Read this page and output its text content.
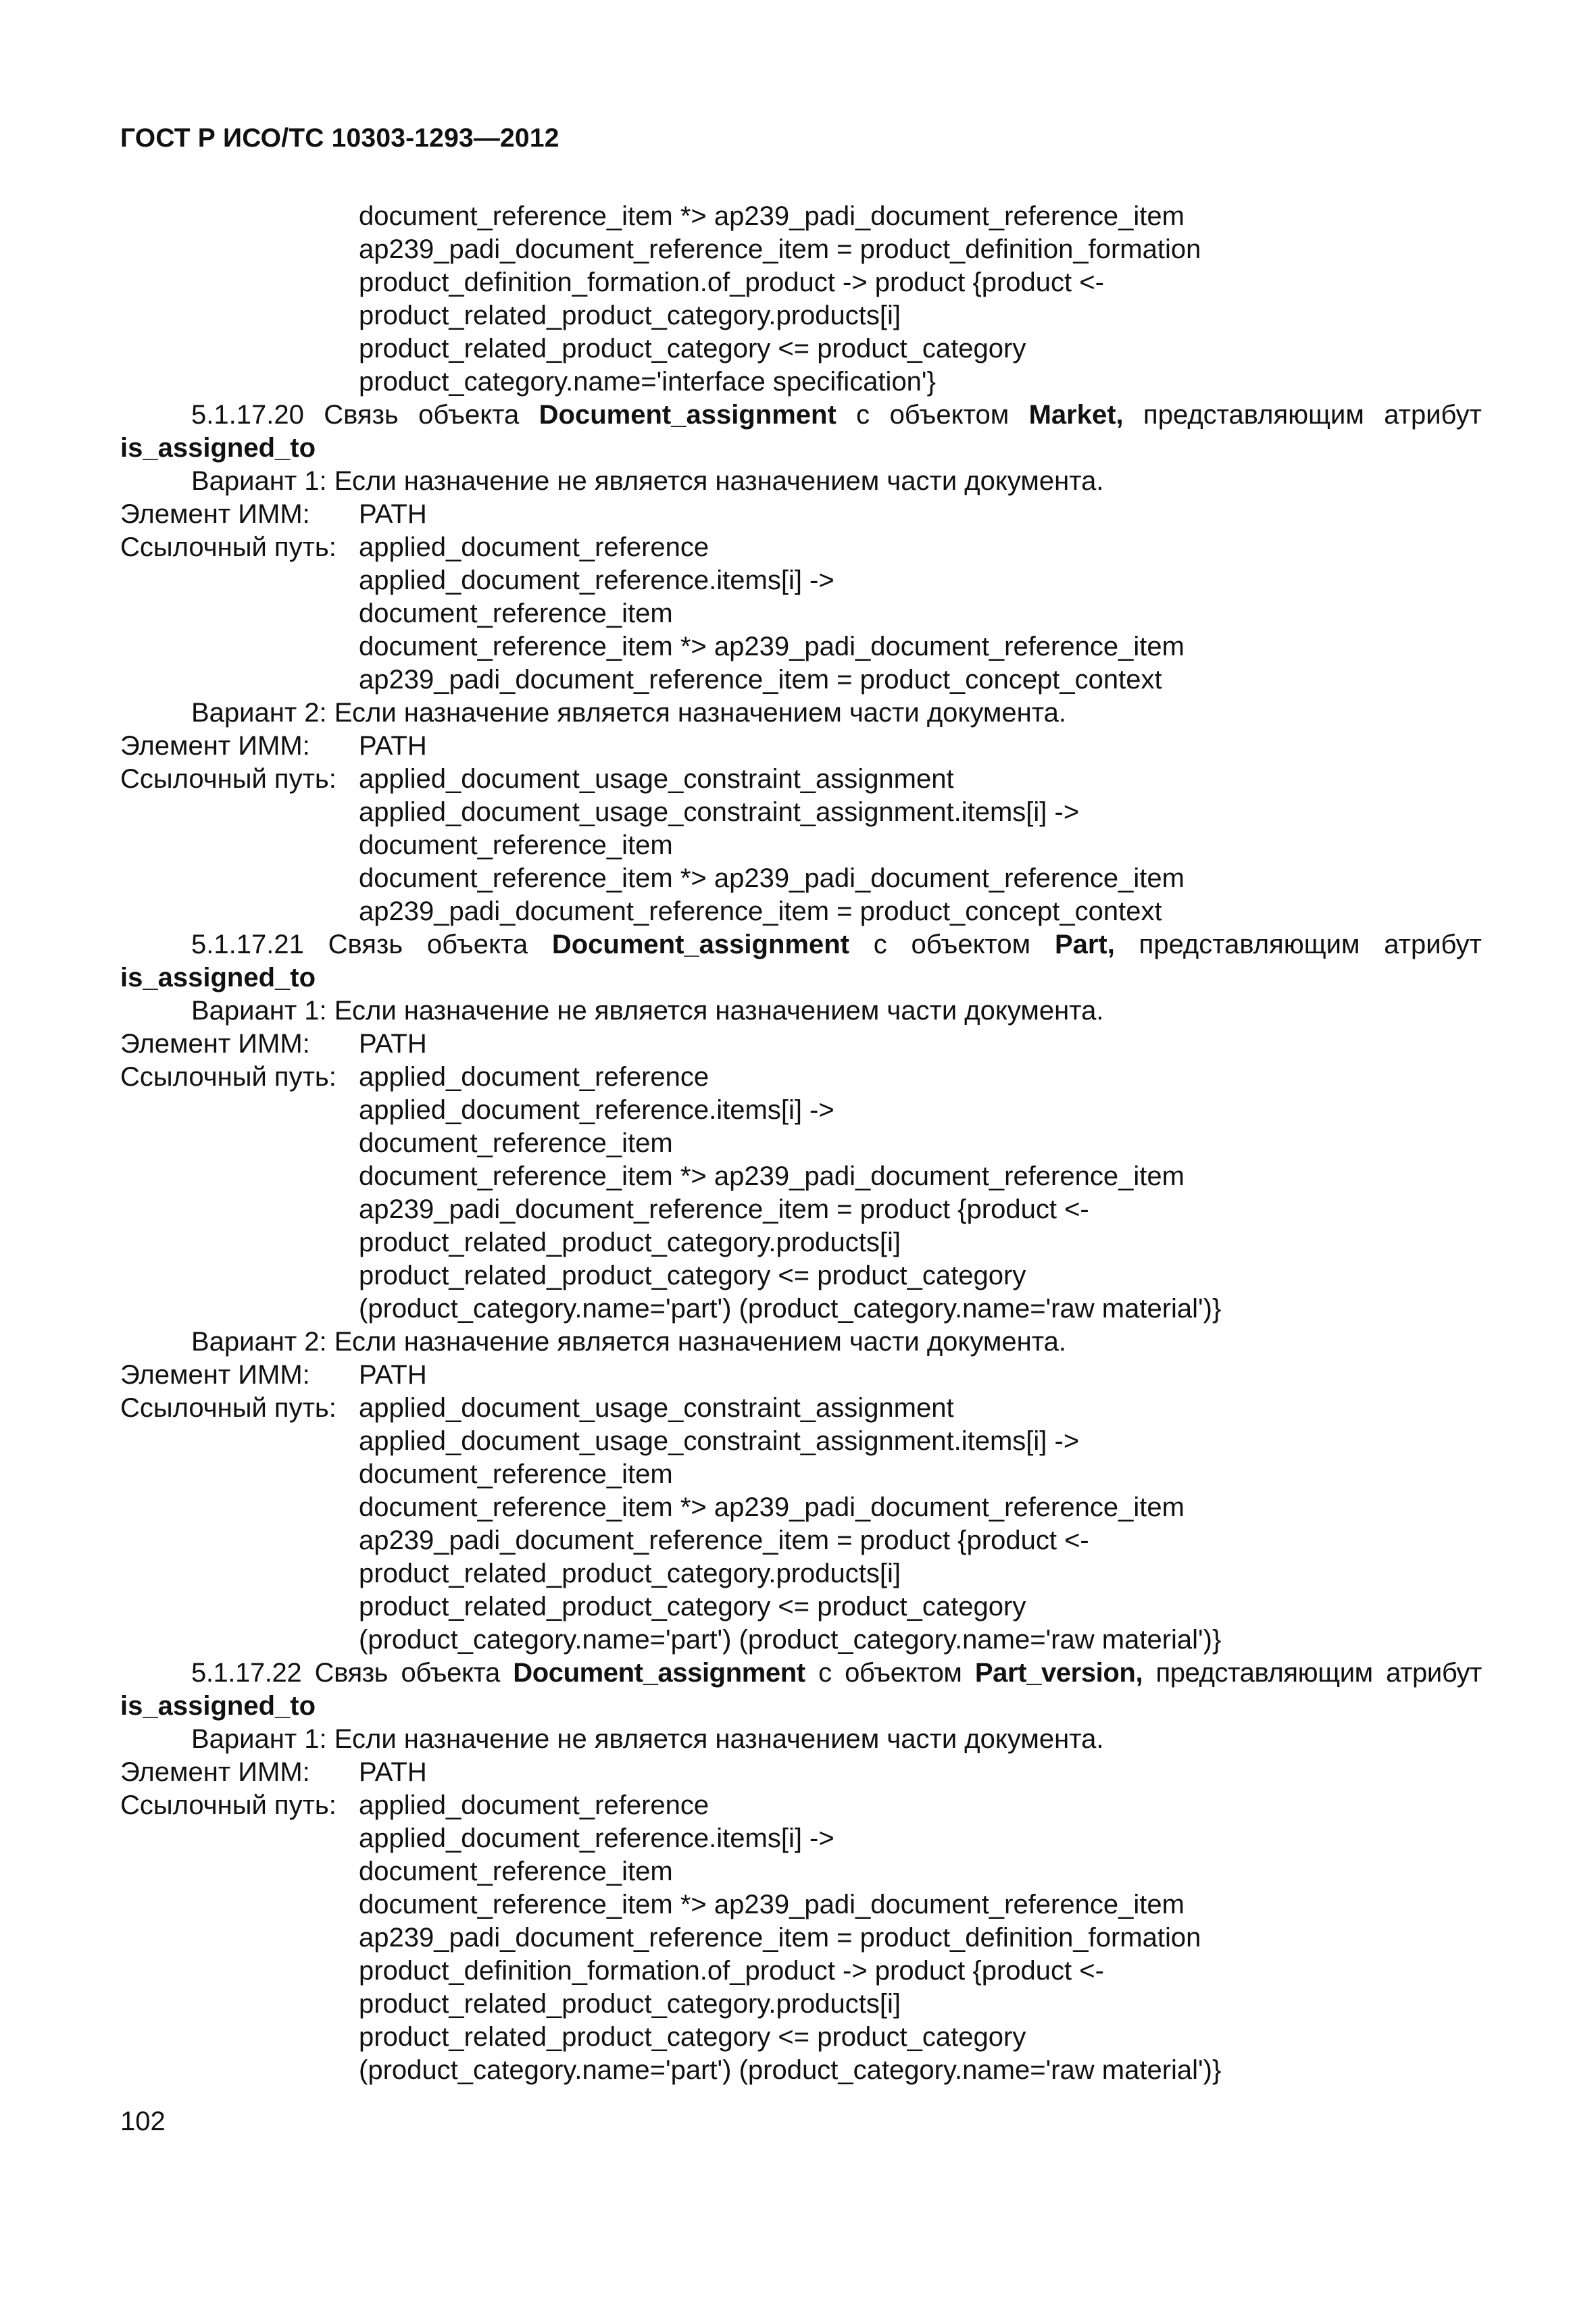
ГОСТ Р ИСО/ТС 10303-1293—2012
document_reference_item *> ap239_padi_document_reference_item
ap239_padi_document_reference_item = product_definition_formation
product_definition_formation.of_product -> product {product <-
product_related_product_category.products[i]
product_related_product_category <= product_category
product_category.name='interface specification'}
5.1.17.20 Связь объекта Document_assignment с объектом Market, представляющим атрибут
is_assigned_to
Вариант 1: Если назначение не является назначением части документа.
Элемент ИММ: PATH
Ссылочный путь: applied_document_reference
applied_document_reference.items[i] ->
document_reference_item
document_reference_item *> ap239_padi_document_reference_item
ap239_padi_document_reference_item = product_concept_context
Вариант 2: Если назначение является назначением части документа.
Элемент ИММ: PATH
Ссылочный путь: applied_document_usage_constraint_assignment
applied_document_usage_constraint_assignment.items[i] ->
document_reference_item
document_reference_item *> ap239_padi_document_reference_item
ap239_padi_document_reference_item = product_concept_context
5.1.17.21 Связь объекта Document_assignment с объектом Part, представляющим атрибут
is_assigned_to
Вариант 1: Если назначение не является назначением части документа.
Элемент ИММ: PATH
Ссылочный путь: applied_document_reference
applied_document_reference.items[i] ->
document_reference_item
document_reference_item *> ap239_padi_document_reference_item
ap239_padi_document_reference_item = product {product <-
product_related_product_category.products[i]
product_related_product_category <= product_category
(product_category.name='part') (product_category.name='raw material')}
Вариант 2: Если назначение является назначением части документа.
Элемент ИММ: PATH
Ссылочный путь: applied_document_usage_constraint_assignment
applied_document_usage_constraint_assignment.items[i] ->
document_reference_item
document_reference_item *> ap239_padi_document_reference_item
ap239_padi_document_reference_item = product {product <-
product_related_product_category.products[i]
product_related_product_category <= product_category
(product_category.name='part') (product_category.name='raw material')}
5.1.17.22 Связь объекта Document_assignment с объектом Part_version, представляющим атрибут
is_assigned_to
Вариант 1: Если назначение не является назначением части документа.
Элемент ИММ: PATH
Ссылочный путь: applied_document_reference
applied_document_reference.items[i] ->
document_reference_item
document_reference_item *> ap239_padi_document_reference_item
ap239_padi_document_reference_item = product_definition_formation
product_definition_formation.of_product -> product {product <-
product_related_product_category.products[i]
product_related_product_category <= product_category
(product_category.name='part') (product_category.name='raw material')}
102
